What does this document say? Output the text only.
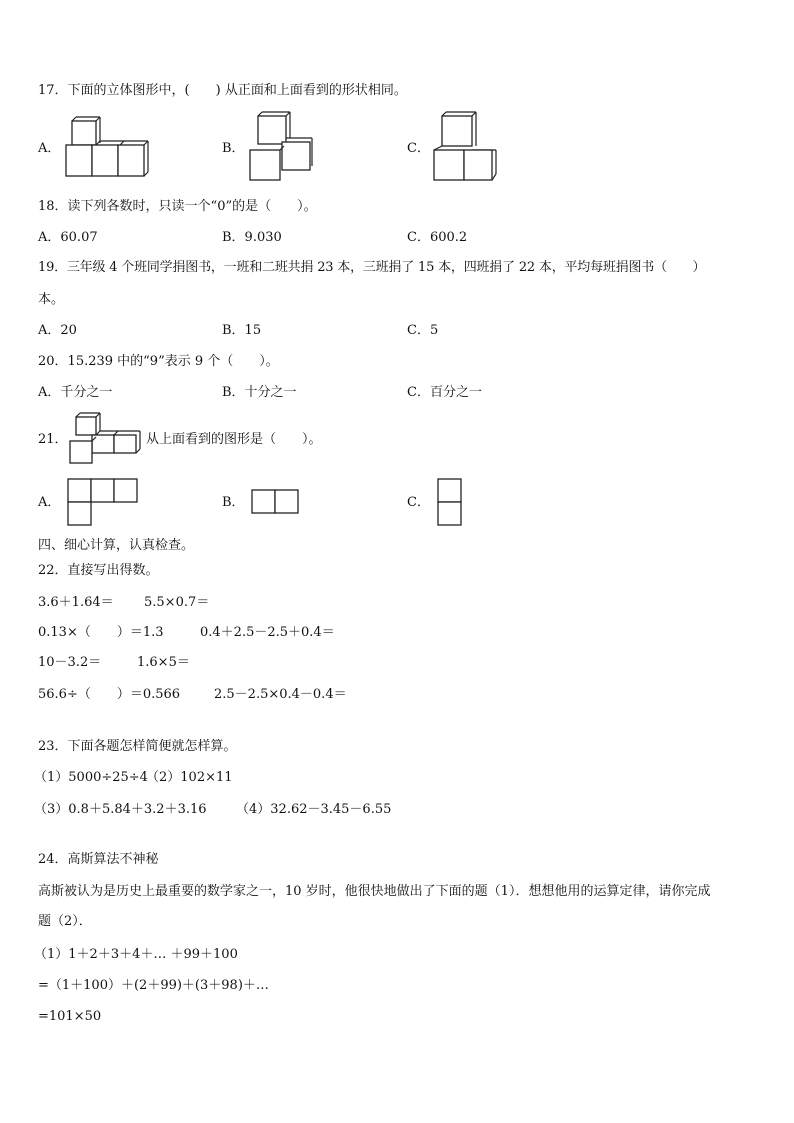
17．下面的立体图形中，(　　) 从正面和上面看到的形状相同。
A．	B．	C．
18．读下列各数时，只读一个“0”的是（　　）。
A．60.07	B．9.030	C．600.2
19．三年级 4 个班同学捐图书，一班和二班共捐 23 本，三班捐了 15 本，四班捐了 22 本，平均每班捐图书（　　）
本。
A．20	B．15	C．5
20．15.239 中的“9”表示 9 个（　　）。
A．千分之一	B．十分之一	C．百分之一
21．	从上面看到的图形是（　　）。
A．	B．	C．
四、细心计算，认真检查。
22．直接写出得数。
3.6＋1.64＝ 5.5×0.7＝
0.13×（　　）＝1.3	0.4＋2.5－2.5＋0.4＝
10－3.2＝	1.6×5＝
56.6÷（　　）＝0.566	2.5－2.5×0.4－0.4＝
23．下面各题怎样简便就怎样算。
（1）5000÷25÷4
（2）102×11
（3）0.8＋5.84＋3.2＋3.16 （4）32.62－3.45－6.55
24．高斯算法不神秘
高斯被认为是历史上最重要的数学家之一，10 岁时，他很快地做出了下面的题（1）．想想他用的运算定律，请你完成
题（2）．
（1）1＋2＋3＋4＋… ＋99＋100
=（1＋100）＋(2＋99)＋(3＋98)＋…
=101×50
